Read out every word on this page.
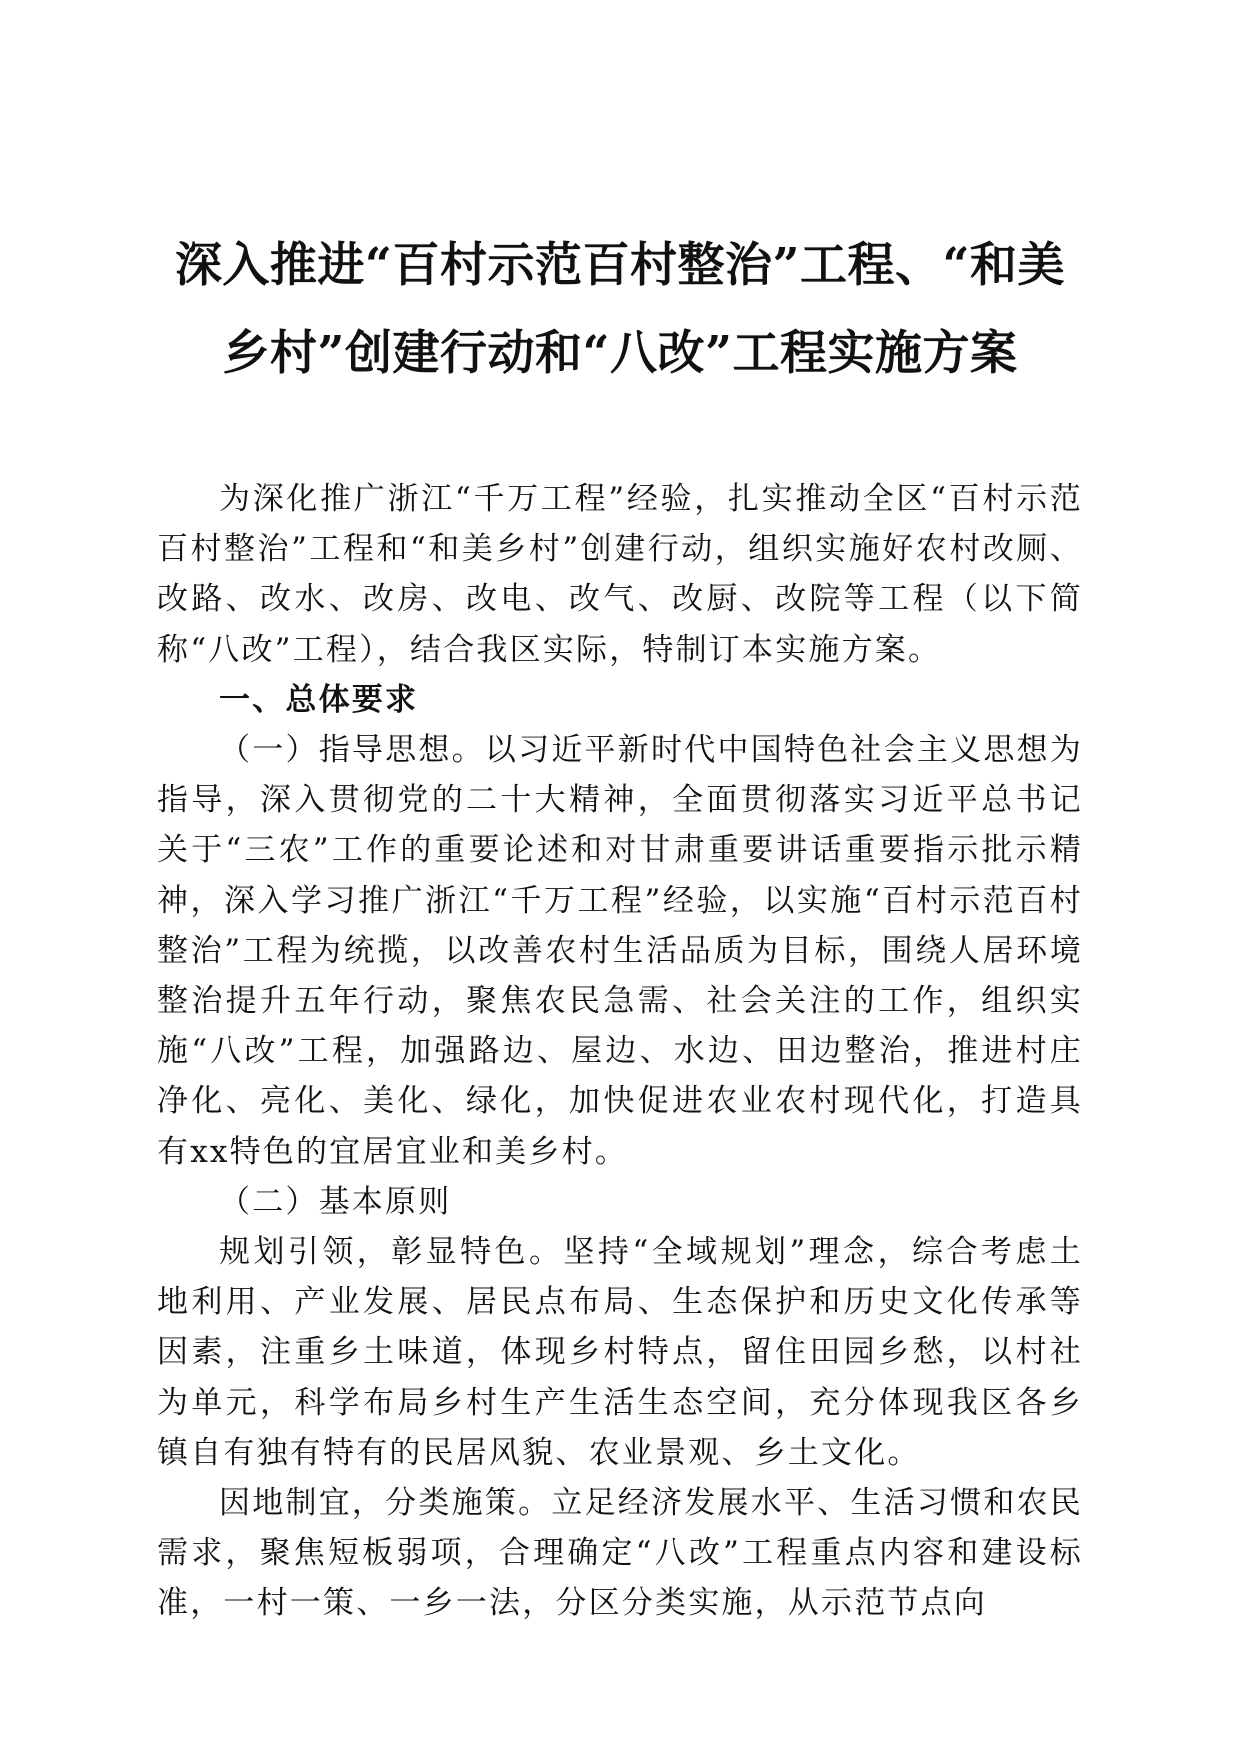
深入推进“百村示范百村整治”工程、“和美
乡村”创建行动和“八改”工程实施方案

为深化推广浙江“千万工程”经验，扎实推动全区“百村示范百村整治”工程和“和美乡村”创建行动，组织实施好农村改厕、改路、改水、改房、改电、改气、改厨、改院等工程（以下简称“八改”工程），结合我区实际，特制订本实施方案。

一、总体要求

（一）指导思想。以习近平新时代中国特色社会主义思想为指导，深入贯彻党的二十大精神，全面贯彻落实习近平总书记关于“三农”工作的重要论述和对甘肃重要讲话重要指示批示精神，深入学习推广浙江“千万工程”经验，以实施“百村示范百村整治”工程为统揽，以改善农村生活品质为目标，围绕人居环境整治提升五年行动，聚焦农民急需、社会关注的工作，组织实施“八改”工程，加强路边、屋边、水边、田边整治，推进村庄净化、亮化、美化、绿化，加快促进农业农村现代化，打造具有xx特色的宜居宜业和美乡村。

（二）基本原则

规划引领，彰显特色。坚持“全域规划”理念，综合考虑土地利用、产业发展、居民点布局、生态保护和历史文化传承等因素，注重乡土味道，体现乡村特点，留住田园乡愁，以村社为单元，科学布局乡村生产生活生态空间，充分体现我区各乡镇自有独有特有的民居风貌、农业景观、乡土文化。

因地制宜，分类施策。立足经济发展水平、生活习惯和农民需求，聚焦短板弱项，合理确定“八改”工程重点内容和建设标准，一村一策、一乡一法，分区分类实施，从示范节点向
